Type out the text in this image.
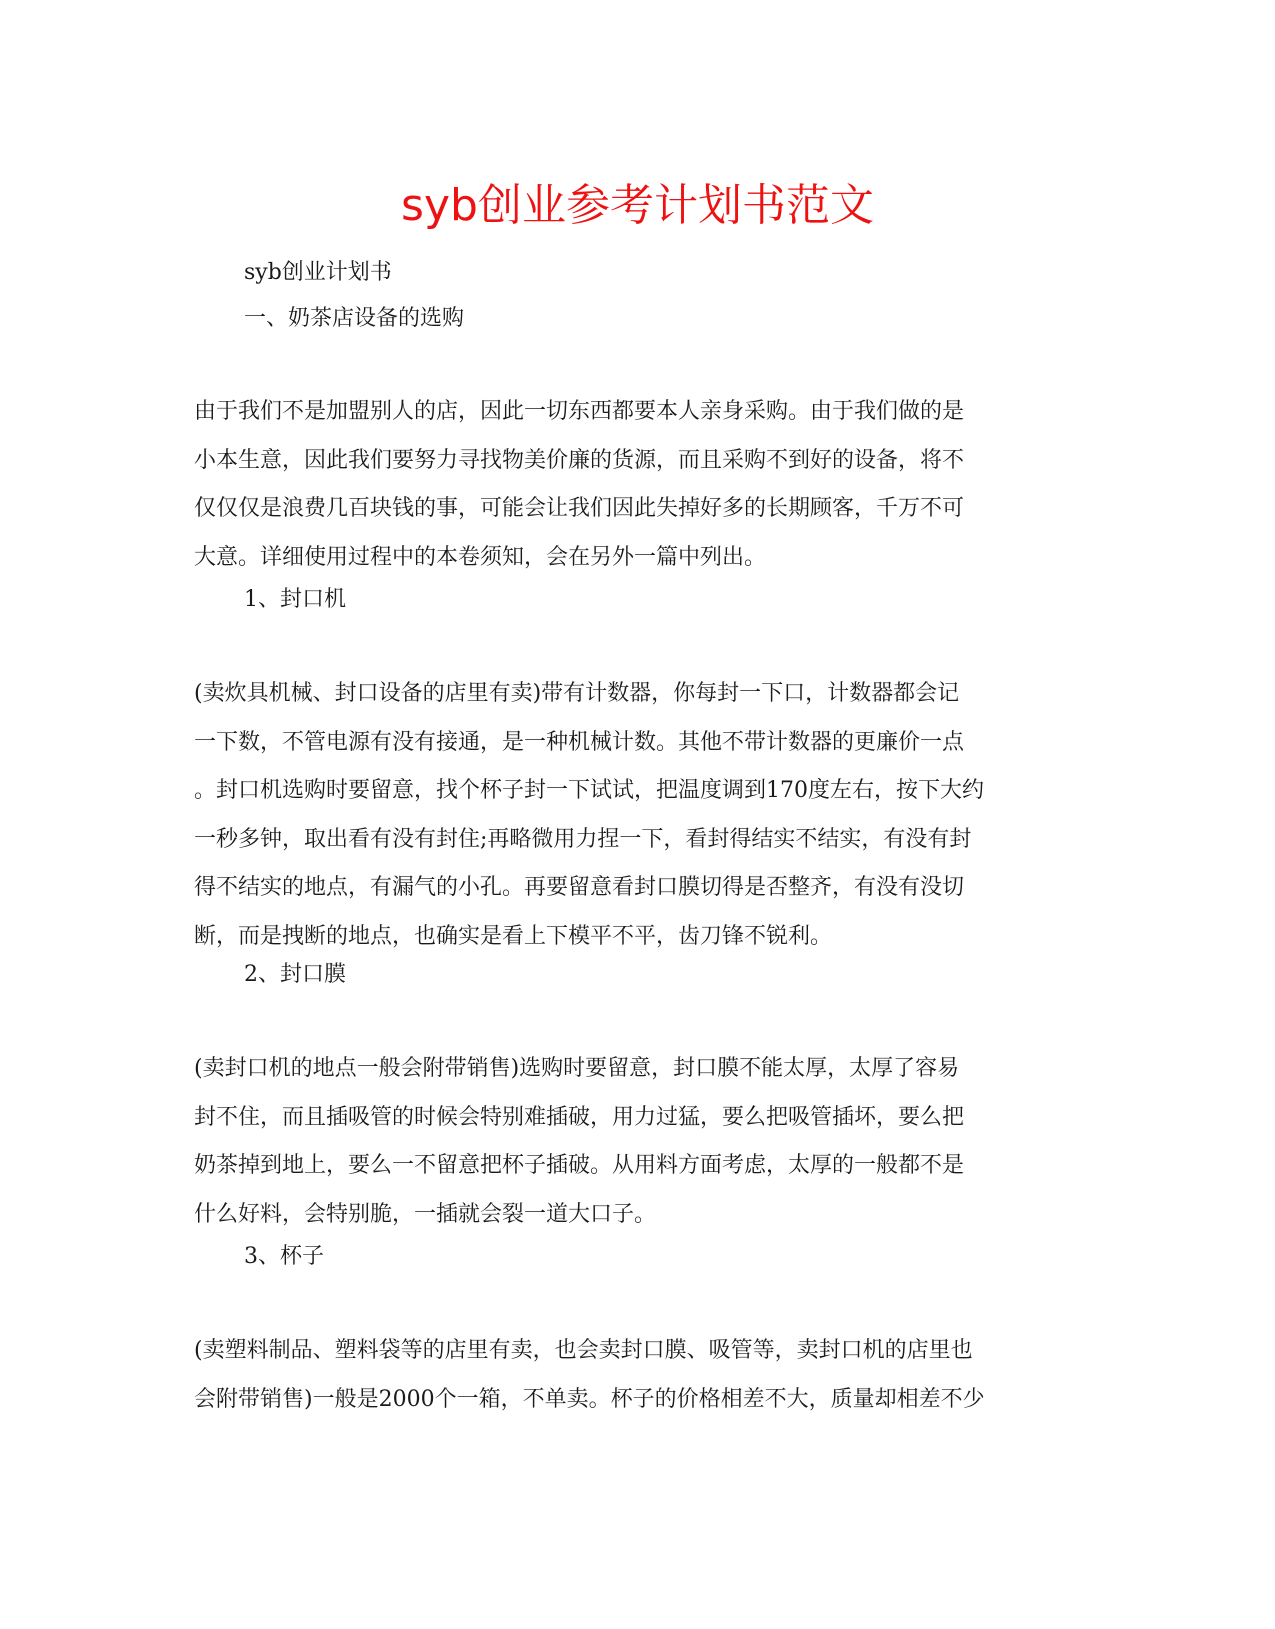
syb创业参考计划书范文

syb创业计划书

一、奶茶店设备的选购

由于我们不是加盟别人的店，因此一切东西都要本人亲身采购。由于我们做的是
小本生意，因此我们要努力寻找物美价廉的货源，而且采购不到好的设备，将不
仅仅仅是浪费几百块钱的事，可能会让我们因此失掉好多的长期顾客，千万不可
大意。详细使用过程中的本卷须知，会在另外一篇中列出。

1、封口机

(卖炊具机械、封口设备的店里有卖)带有计数器，你每封一下口，计数器都会记
一下数，不管电源有没有接通，是一种机械计数。其他不带计数器的更廉价一点
。封口机选购时要留意，找个杯子封一下试试，把温度调到170度左右，按下大约
一秒多钟，取出看有没有封住;再略微用力捏一下，看封得结实不结实，有没有封
得不结实的地点，有漏气的小孔。再要留意看封口膜切得是否整齐，有没有没切
断，而是拽断的地点，也确实是看上下模平不平，齿刀锋不锐利。

2、封口膜

(卖封口机的地点一般会附带销售)选购时要留意，封口膜不能太厚，太厚了容易
封不住，而且插吸管的时候会特别难插破，用力过猛，要么把吸管插坏，要么把
奶茶掉到地上，要么一不留意把杯子插破。从用料方面考虑，太厚的一般都不是
什么好料，会特别脆，一插就会裂一道大口子。

3、杯子

(卖塑料制品、塑料袋等的店里有卖，也会卖封口膜、吸管等，卖封口机的店里也
会附带销售)一般是2000个一箱，不单卖。杯子的价格相差不大，质量却相差不少
